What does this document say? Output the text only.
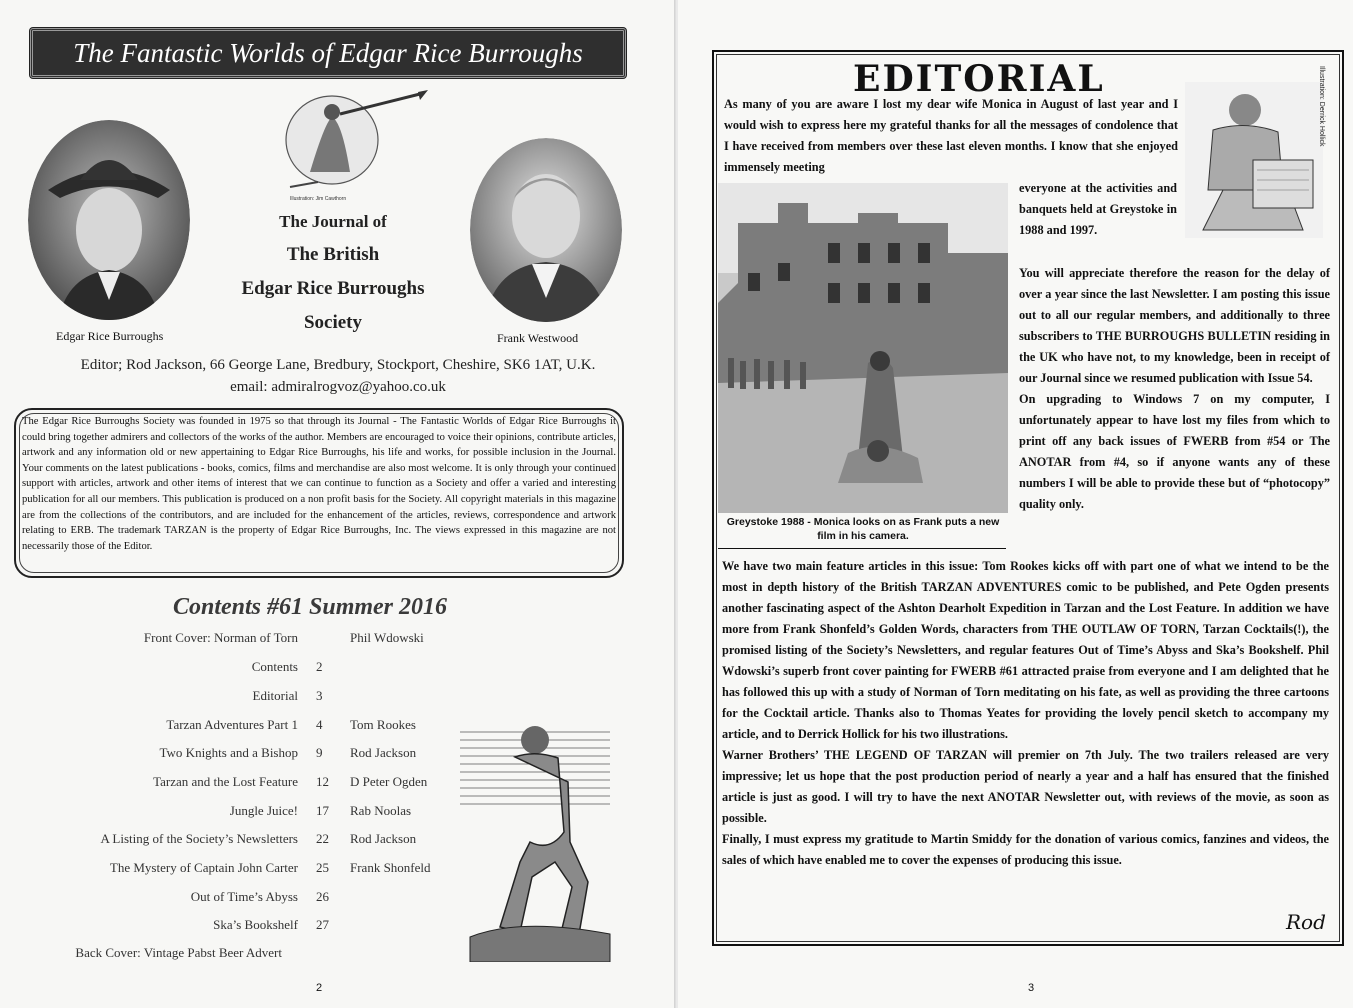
The Fantastic Worlds of Edgar Rice Burroughs
Edgar Rice Burroughs
Illustration: Jim Cawthorn
Frank Westwood
The Journal of
The British
Edgar Rice Burroughs
Society
Editor; Rod Jackson, 66 George Lane, Bredbury, Stockport, Cheshire, SK6 1AT, U.K.
email: admiralrogvoz@yahoo.co.uk
The Edgar Rice Burroughs Society was founded in 1975 so that through its Journal - The Fantastic Worlds of Edgar Rice Burroughs it could bring together admirers and collectors of the works of the author. Members are encouraged to voice their opinions, contribute articles, artwork and any information old or new appertaining to Edgar Rice Burroughs, his life and works, for possible inclusion in the Journal. Your comments on the latest publications - books, comics, films and merchandise are also most welcome. It is only through your continued support with articles, artwork and other items of interest that we can continue to function as a Society and offer a varied and interesting publication for all our members. This publication is produced on a non profit basis for the Society. All copyright materials in this magazine are from the collections of the contributors, and are included for the enhancement of the articles, reviews, correspondence and artwork relating to ERB. The trademark TARZAN is the property of Edgar Rice Burroughs, Inc. The views expressed in this magazine are not necessarily those of the Editor.
Contents #61 Summer 2016
Front Cover: Norman of Torn	Phil Wdowski
Contents 2
Editorial 3
Tarzan Adventures Part 1 4	Tom Rookes
Two Knights and a Bishop 9	Rod Jackson
Tarzan and the Lost Feature 12	D Peter Ogden
Jungle Juice! 17	Rab Noolas
A Listing of the Society’s Newsletters 22	Rod Jackson
The Mystery of Captain John Carter 25	Frank Shonfeld
Out of Time’s Abyss 26
Ska’s Bookshelf 27
Back Cover: Vintage Pabst Beer Advert
2
EDITORIAL	Illustration: Derrick Hollick
As many of you are aware I lost my dear wife Monica in August of last year and I would wish to express here my grateful thanks for all the messages of condolence that I have received from members over these last eleven months. I know that she enjoyed immensely meeting
everyone at the activities and banquets held at Greystoke in 1988 and 1997.
You will appreciate therefore the reason for the delay of over a year since the last Newsletter. I am posting this issue out to all our regular members, and additionally to three subscribers to THE BURROUGHS BULLETIN residing in the UK who have not, to my knowledge, been in receipt of our Journal since we resumed publication with Issue 54.
On upgrading to Windows 7 on my computer, I unfortunately appear to have lost my files from which to print off any back issues of FWERB from #54 or The ANOTAR from #4, so if anyone wants any of these numbers I will be able to provide these but of “photocopy” quality only.
Greystoke 1988 - Monica looks on as Frank puts a new film in his camera.
We have two main feature articles in this issue: Tom Rookes kicks off with part one of what we intend to be the most in depth history of the British TARZAN ADVENTURES comic to be published, and Pete Ogden presents another fascinating aspect of the Ashton Dearholt Expedition in Tarzan and the Lost Feature. In addition we have more from Frank Shonfeld’s Golden Words, characters from THE OUTLAW OF TORN, Tarzan Cocktails(!), the promised listing of the Society’s Newsletters, and regular features Out of Time’s Abyss and Ska’s Bookshelf. Phil Wdowski’s superb front cover painting for FWERB #61 attracted praise from everyone and I am delighted that he has followed this up with a study of Norman of Torn meditating on his fate, as well as providing the three cartoons for the Cocktail article. Thanks also to Thomas Yeates for providing the lovely pencil sketch to accompany my article, and to Derrick Hollick for his two illustrations.
Warner Brothers’ THE LEGEND OF TARZAN will premier on 7th July. The two trailers released are very impressive; let us hope that the post production period of nearly a year and a half has ensured that the finished article is just as good. I will try to have the next ANOTAR Newsletter out, with reviews of the movie, as soon as possible.
Finally, I must express my gratitude to Martin Smiddy for the donation of various comics, fanzines and videos, the sales of which have enabled me to cover the expenses of producing this issue.
Rod
3
